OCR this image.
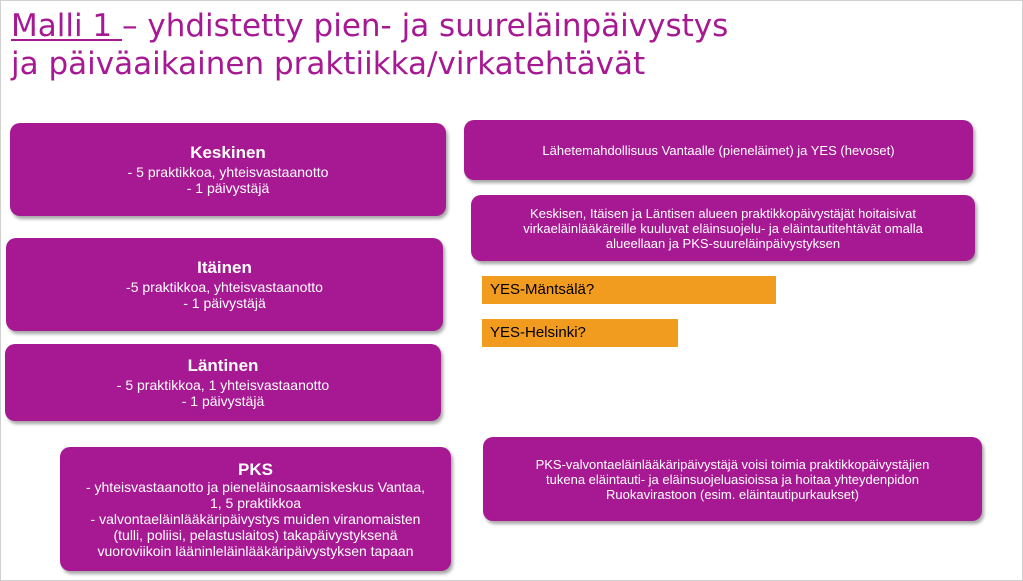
Malli 1 – yhdistetty pien- ja suureläinpäivystys
ja päiväaikainen praktiikka/virkatehtävät
Keskinen
- 5 praktikkoa, yhteisvastaanotto
- 1 päivystäjä
Itäinen
-5 praktikkoa, yhteisvastaanotto
- 1 päivystäjä
Läntinen
- 5 praktikkoa, 1 yhteisvastaanotto
- 1 päivystäjä
PKS
- yhteisvastaanotto ja pieneläinosaamiskeskus Vantaa,
1, 5 praktikkoa
- valvontaeläinlääkäripäivystys muiden viranomaisten
(tulli, poliisi, pelastuslaitos) takapäivystyksenä
vuoroviikoin lääninleläinlääkäripäivystyksen tapaan
Lähetemahdollisuus Vantaalle (pieneläimet) ja YES (hevoset)
Keskisen, Itäisen ja Läntisen alueen praktikkopäivystäjät hoitaisivat
virkaeläinlääkäreille kuuluvat eläinsuojelu- ja eläintautitehtävät omalla
alueellaan ja PKS-suureläinpäivystyksen
PKS-valvontaeläinlääkäripäivystäjä voisi toimia praktikkopäivystäjien
tukena eläintauti- ja eläinsuojeluasioissa ja hoitaa yhteydenpidon
Ruokavirastoon (esim. eläintautipurkaukset)
YES-Mäntsälä?
YES-Helsinki?
